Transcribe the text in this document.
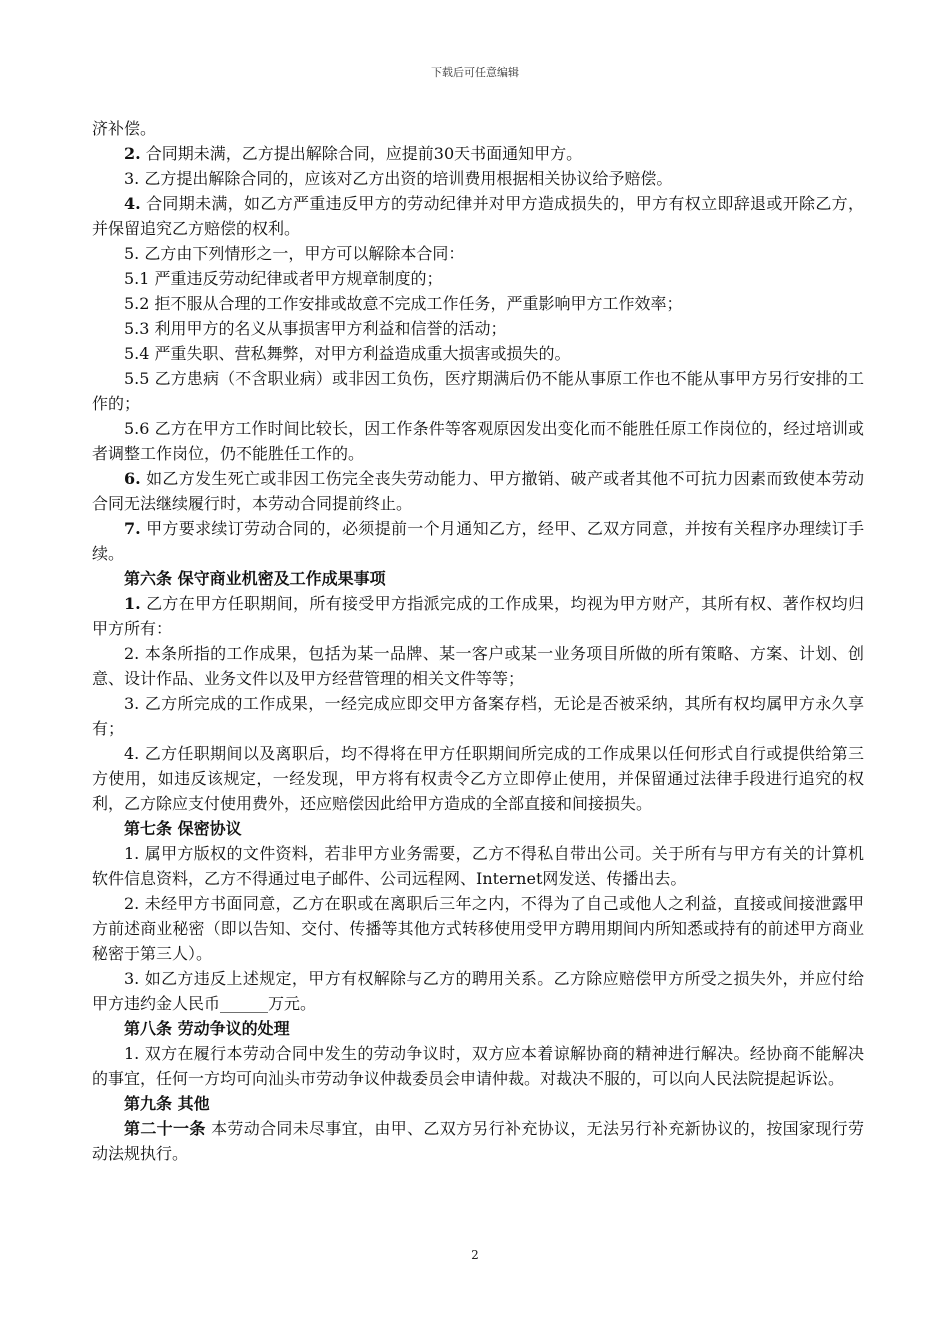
下载后可任意编辑

济补偿。

2. 合同期未满，乙方提出解除合同，应提前30天书面通知甲方。

3. 乙方提出解除合同的，应该对乙方出资的培训费用根据相关协议给予赔偿。

4. 合同期未满，如乙方严重违反甲方的劳动纪律并对甲方造成损失的，甲方有权立即辞退或开除乙方，并保留追究乙方赔偿的权利。

5. 乙方由下列情形之一，甲方可以解除本合同：

5.1 严重违反劳动纪律或者甲方规章制度的；

5.2 拒不服从合理的工作安排或故意不完成工作任务，严重影响甲方工作效率；

5.3 利用甲方的名义从事损害甲方利益和信誉的活动；

5.4 严重失职、营私舞弊，对甲方利益造成重大损害或损失的。

5.5 乙方患病（不含职业病）或非因工负伤，医疗期满后仍不能从事原工作也不能从事甲方另行安排的工作的；

5.6 乙方在甲方工作时间比较长，因工作条件等客观原因发出变化而不能胜任原工作岗位的，经过培训或者调整工作岗位，仍不能胜任工作的。

6. 如乙方发生死亡或非因工伤完全丧失劳动能力、甲方撤销、破产或者其他不可抗力因素而致使本劳动合同无法继续履行时，本劳动合同提前终止。

7. 甲方要求续订劳动合同的，必须提前一个月通知乙方，经甲、乙双方同意，并按有关程序办理续订手续。

第六条 保守商业机密及工作成果事项

1. 乙方在甲方任职期间，所有接受甲方指派完成的工作成果，均视为甲方财产，其所有权、著作权均归甲方所有：

2. 本条所指的工作成果，包括为某一品牌、某一客户或某一业务项目所做的所有策略、方案、计划、创意、设计作品、业务文件以及甲方经营管理的相关文件等等；

3. 乙方所完成的工作成果，一经完成应即交甲方备案存档，无论是否被采纳，其所有权均属甲方永久享有；

4. 乙方任职期间以及离职后，均不得将在甲方任职期间所完成的工作成果以任何形式自行或提供给第三方使用，如违反该规定，一经发现，甲方将有权责令乙方立即停止使用，并保留通过法律手段进行追究的权利，乙方除应支付使用费外，还应赔偿因此给甲方造成的全部直接和间接损失。

第七条 保密协议

1. 属甲方版权的文件资料，若非甲方业务需要，乙方不得私自带出公司。关于所有与甲方有关的计算机软件信息资料，乙方不得通过电子邮件、公司远程网、Internet网发送、传播出去。

2. 未经甲方书面同意，乙方在职或在离职后三年之内，不得为了自己或他人之利益，直接或间接泄露甲方前述商业秘密（即以告知、交付、传播等其他方式转移使用受甲方聘用期间内所知悉或持有的前述甲方商业秘密于第三人）。

3. 如乙方违反上述规定，甲方有权解除与乙方的聘用关系。乙方除应赔偿甲方所受之损失外，并应付给甲方违约金人民币______万元。

第八条 劳动争议的处理

1. 双方在履行本劳动合同中发生的劳动争议时，双方应本着谅解协商的精神进行解决。经协商不能解决的事宜，任何一方均可向汕头市劳动争议仲裁委员会申请仲裁。对裁决不服的，可以向人民法院提起诉讼。

第九条 其他

第二十一条 本劳动合同未尽事宜，由甲、乙双方另行补充协议，无法另行补充新协议的，按国家现行劳动法规执行。

2
